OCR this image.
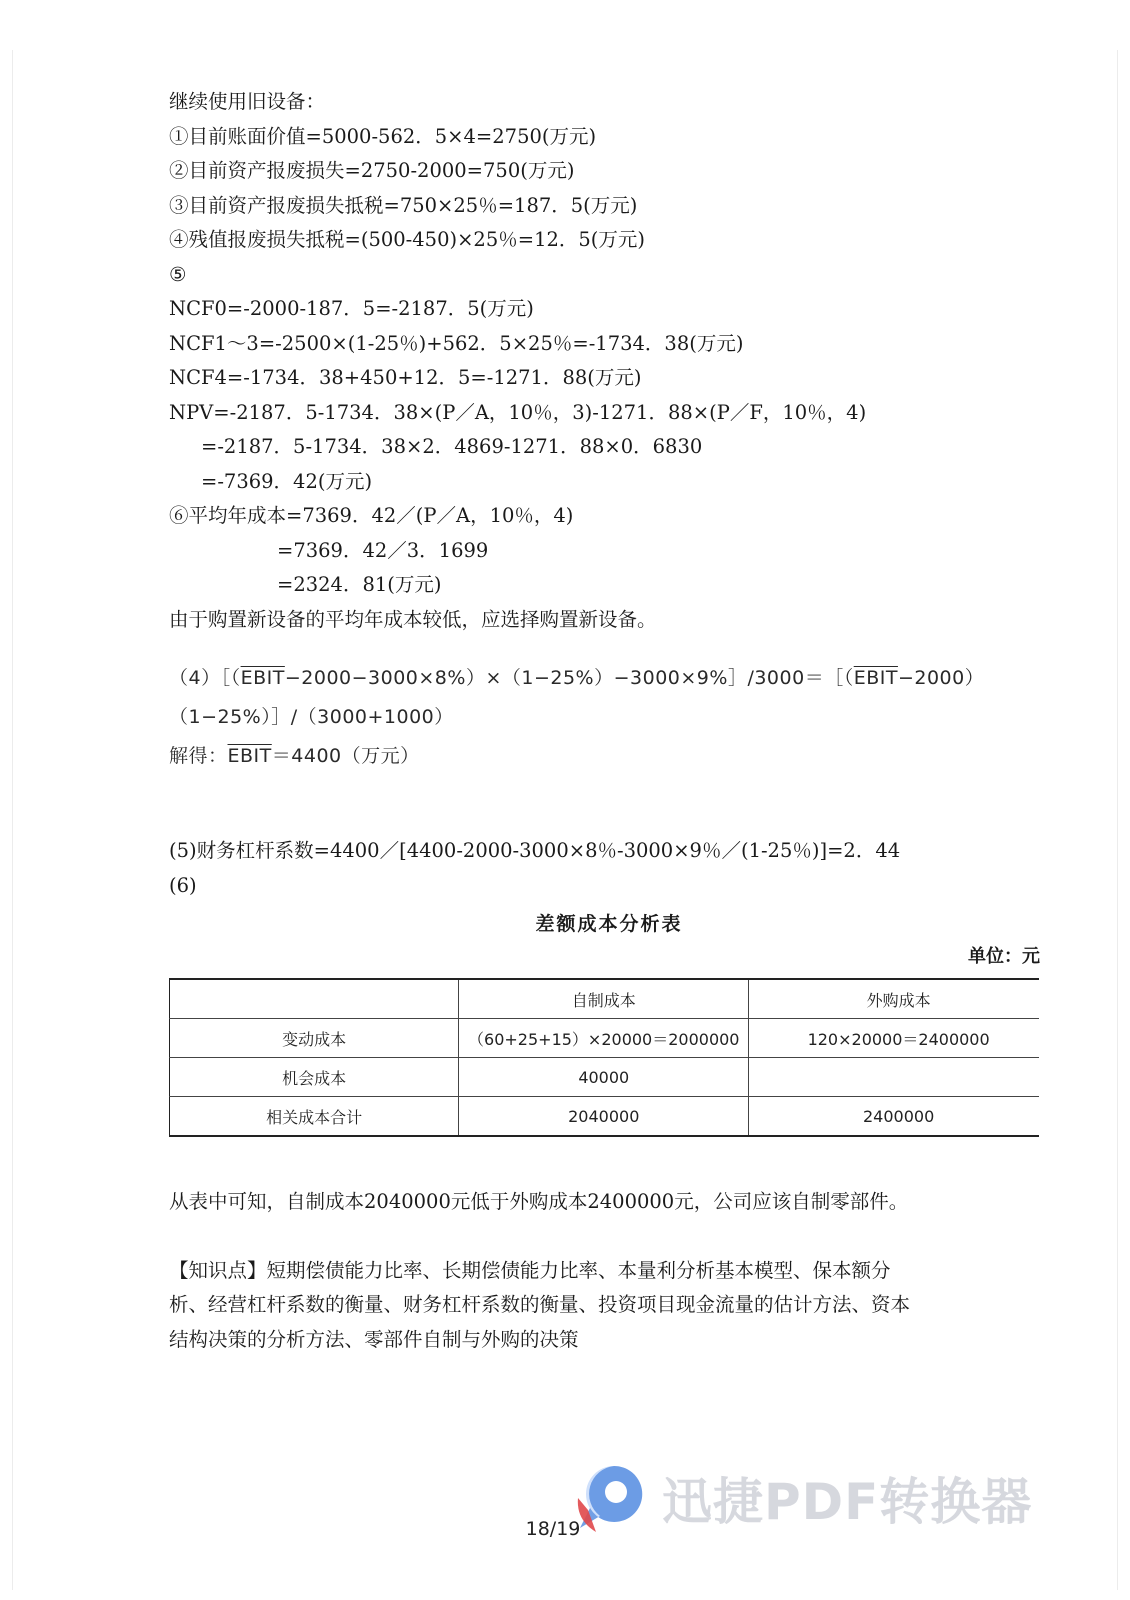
继续使用旧设备：
①目前账面价值=5000-562．5×4=2750(万元)
②目前资产报废损失=2750-2000=750(万元)
③目前资产报废损失抵税=750×25％=187．5(万元)
④残值报废损失抵税=(500-450)×25％=12．5(万元)
⑤
NCF0=-2000-187．5=-2187．5(万元)
NCF1～3=-2500×(1-25％)+562．5×25％=-1734．38(万元)
NCF4=-1734．38+450+12．5=-1271．88(万元)
NPV=-2187．5-1734．38×(P／A，10％，3)-1271．88×(P／F，10％，4)
=-2187．5-1734．38×2．4869-1271．88×0．6830
=-7369．42(万元)
⑥平均年成本=7369．42／(P／A，10％，4)
=7369．42／3．1699
=2324．81(万元)
由于购置新设备的平均年成本较低，应选择购置新设备。
（4）［（EBIT−2000−3000×8%）×（1−25%）−3000×9%］/3000＝［（EBIT−2000）
（1−25%）］/（3000+1000）
解得：EBIT＝4400（万元）
(5)财务杠杆系数=4400／[4400-2000-3000×8％-3000×9％／(1-25％)]=2．44
(6)
差额成本分析表
单位：元
	自制成本	外购成本
变动成本	（60+25+15）×20000＝2000000	120×20000＝2400000
机会成本	40000	
相关成本合计	2040000	2400000
从表中可知，自制成本2040000元低于外购成本2400000元，公司应该自制零部件。
【知识点】短期偿债能力比率、长期偿债能力比率、本量利分析基本模型、保本额分
析、经营杠杆系数的衡量、财务杠杆系数的衡量、投资项目现金流量的估计方法、资本
结构决策的分析方法、零部件自制与外购的决策
迅捷PDF转换器
18/19
